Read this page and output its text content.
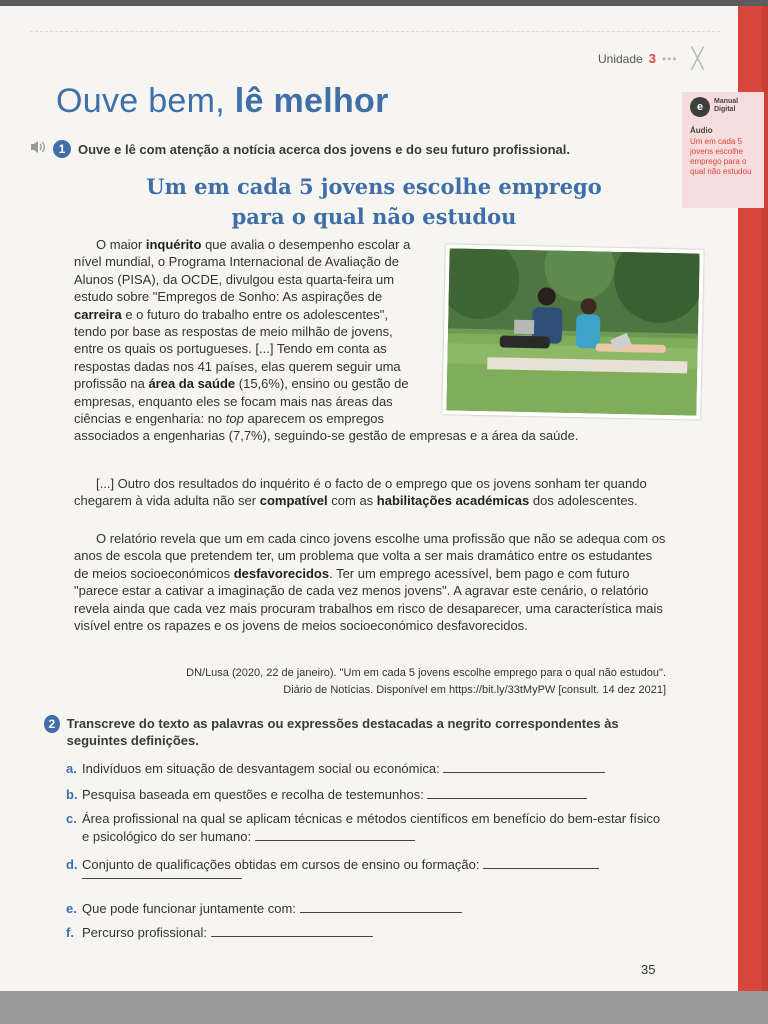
Unidade 3 ••• ╳
Ouve bem, lê melhor	e	Manual
Digital
Áudio
Um em cada 5 jovens escolhe emprego para o qual não estudou
1 Ouve e lê com atenção a notícia acerca dos jovens e do seu futuro profissional.
Um em cada 5 jovens escolhe emprego
para o qual não estudou
O maior inquérito que avalia o desempenho escolar a nível mundial, o Programa Internacional de Avaliação de Alunos (PISA), da OCDE, divulgou esta quarta-feira um estudo sobre "Empregos de Sonho: As aspirações de carreira e o futuro do trabalho entre os adolescentes", tendo por base as respostas de meio milhão de jovens, entre os quais os portugueses. [...] Tendo em conta as respostas dadas nos 41 países, elas querem seguir uma profissão na área da saúde (15,6%), ensino ou gestão de empresas, enquanto eles se focam mais nas áreas das ciências e engenharia: no top aparecem os empregos associados a engenharias (7,7%), seguindo-se gestão de empresas e a área da saúde.
[...] Outro dos resultados do inquérito é o facto de o emprego que os jovens sonham ter quando chegarem à vida adulta não ser compatível com as habilitações académicas dos adolescentes.
O relatório revela que um em cada cinco jovens escolhe uma profissão que não se adequa com os anos de escola que pretendem ter, um problema que volta a ser mais dramático entre os estudantes de meios socioeconómicos desfavorecidos. Ter um emprego acessível, bem pago e com futuro "parece estar a cativar a imaginação de cada vez menos jovens". A agravar este cenário, o relatório revela ainda que cada vez mais procuram trabalhos em risco de desaparecer, uma característica mais visível entre os rapazes e os jovens de meios socioeconómico desfavorecidos.
DN/Lusa (2020, 22 de janeiro). "Um em cada 5 jovens escolhe emprego para o qual não estudou". Diário de Notícias. Disponível em https://bit.ly/33tMyPW [consult. 14 dez 2021]
2 Transcreve do texto as palavras ou expressões destacadas a negrito correspondentes às seguintes definições.
a. Indivíduos em situação de desvantagem social ou económica:
b. Pesquisa baseada em questões e recolha de testemunhos:
c. Área profissional na qual se aplicam técnicas e métodos científicos em benefício do bem-estar físico e psicológico do ser humano:
d. Conjunto de qualificações obtidas em cursos de ensino ou formação:
e. Que pode funcionar juntamente com:
f. Percurso profissional:
35
